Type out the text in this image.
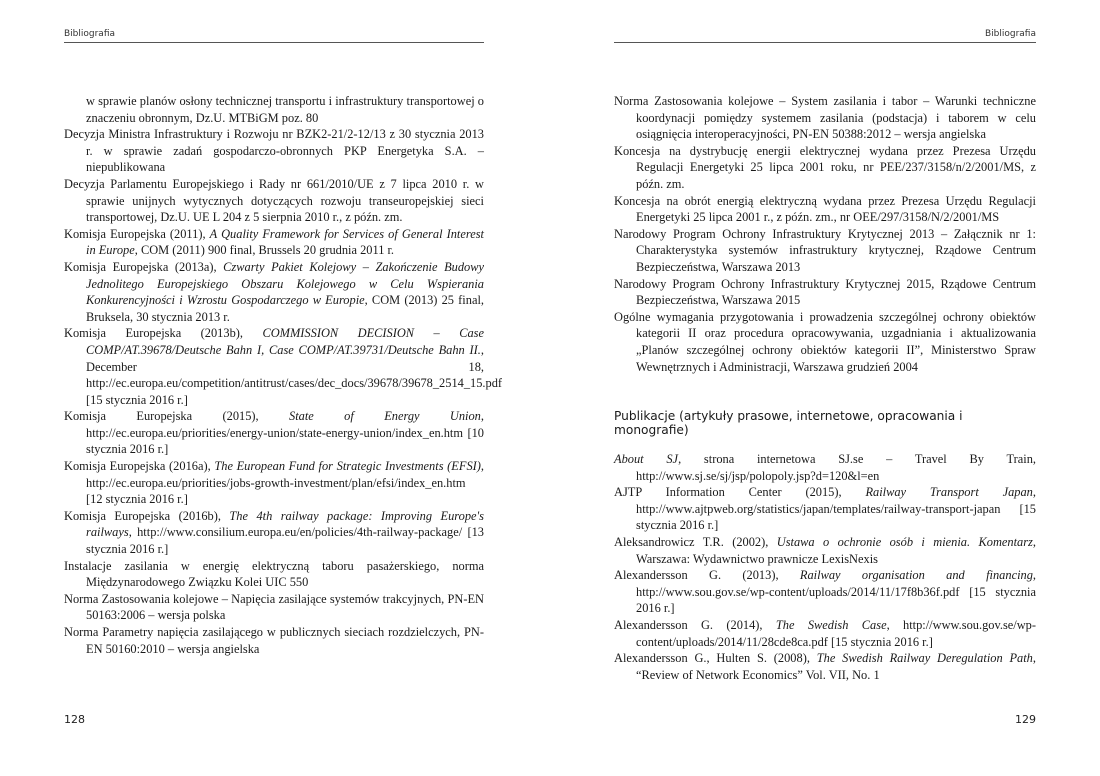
Bibliografia

w sprawie planów osłony technicznej transportu i infrastruktury transportowej o znaczeniu obronnym, Dz.U. MTBiGM poz. 80

Decyzja Ministra Infrastruktury i Rozwoju nr BZK2-21/2-12/13 z 30 stycznia 2013 r. w sprawie zadań gospodarczo-obronnych PKP Energetyka S.A. – niepublikowana

Decyzja Parlamentu Europejskiego i Rady nr 661/2010/UE z 7 lipca 2010 r. w sprawie unijnych wytycznych dotyczących rozwoju transeuropejskiej sieci transportowej, Dz.U. UE L 204 z 5 sierpnia 2010 r., z późn. zm.

Komisja Europejska (2011), A Quality Framework for Services of General Interest in Europe, COM (2011) 900 final, Brussels 20 grudnia 2011 r.

Komisja Europejska (2013a), Czwarty Pakiet Kolejowy – Zakończenie Budowy Jednolitego Europejskiego Obszaru Kolejowego w Celu Wspierania Konkurencyjności i Wzrostu Gospodarczego w Europie, COM (2013) 25 final, Bruksela, 30 stycznia 2013 r.

Komisja Europejska (2013b), COMMISSION DECISION – Case COMP/AT.39678/Deutsche Bahn I, Case COMP/AT.39731/Deutsche Bahn II., December 18, http://ec.europa.eu/competition/antitrust/cases/dec_docs/39678/39678_2514_15.pdf [15 stycznia 2016 r.]

Komisja Europejska (2015), State of Energy Union, http://ec.europa.eu/priorities/energy-union/state-energy-union/index_en.htm [10 stycznia 2016 r.]

Komisja Europejska (2016a), The European Fund for Strategic Investments (EFSI), http://ec.europa.eu/priorities/jobs-growth-investment/plan/efsi/index_en.htm [12 stycznia 2016 r.]

Komisja Europejska (2016b), The 4th railway package: Improving Europe's railways, http://www.consilium.europa.eu/en/policies/4th-railway-package/ [13 stycznia 2016 r.]

Instalacje zasilania w energię elektryczną taboru pasażerskiego, norma Międzynarodowego Związku Kolei UIC 550

Norma Zastosowania kolejowe – Napięcia zasilające systemów trakcyjnych, PN-EN 50163:2006 – wersja polska

Norma Parametry napięcia zasilającego w publicznych sieciach rozdzielczych, PN-EN 50160:2010 – wersja angielska

128
Bibliografia

Norma Zastosowania kolejowe – System zasilania i tabor – Warunki techniczne koordynacji pomiędzy systemem zasilania (podstacja) i taborem w celu osiągnięcia interoperacyjności, PN-EN 50388:2012 – wersja angielska

Koncesja na dystrybucję energii elektrycznej wydana przez Prezesa Urzędu Regulacji Energetyki 25 lipca 2001 roku, nr PEE/237/3158/n/2/2001/MS, z późn. zm.

Koncesja na obrót energią elektryczną wydana przez Prezesa Urzędu Regulacji Energetyki 25 lipca 2001 r., z późn. zm., nr OEE/297/3158/N/2/2001/MS

Narodowy Program Ochrony Infrastruktury Krytycznej 2013 – Załącznik nr 1: Charakterystyka systemów infrastruktury krytycznej, Rządowe Centrum Bezpieczeństwa, Warszawa 2013

Narodowy Program Ochrony Infrastruktury Krytycznej 2015, Rządowe Centrum Bezpieczeństwa, Warszawa 2015

Ogólne wymagania przygotowania i prowadzenia szczególnej ochrony obiektów kategorii II oraz procedura opracowywania, uzgadniania i aktualizowania „Planów szczególnej ochrony obiektów kategorii II”, Ministerstwo Spraw Wewnętrznych i Administracji, Warszawa grudzień 2004

Publikacje (artykuły prasowe, internetowe, opracowania i monografie)

About SJ, strona internetowa SJ.se – Travel By Train, http://www.sj.se/sj/jsp/polopoly.jsp?d=120&l=en

AJTP Information Center (2015), Railway Transport Japan, http://www.ajtpweb.org/statistics/japan/templates/railway-transport-japan [15 stycznia 2016 r.]

Aleksandrowicz T.R. (2002), Ustawa o ochronie osób i mienia. Komentarz, Warszawa: Wydawnictwo prawnicze LexisNexis

Alexandersson G. (2013), Railway organisation and financing, http://www.sou.gov.se/wp-content/uploads/2014/11/17f8b36f.pdf [15 stycznia 2016 r.]

Alexandersson G. (2014), The Swedish Case, http://www.sou.gov.se/wp-content/uploads/2014/11/28cde8ca.pdf [15 stycznia 2016 r.]

Alexandersson G., Hulten S. (2008), The Swedish Railway Deregulation Path, “Review of Network Economics” Vol. VII, No. 1

129
